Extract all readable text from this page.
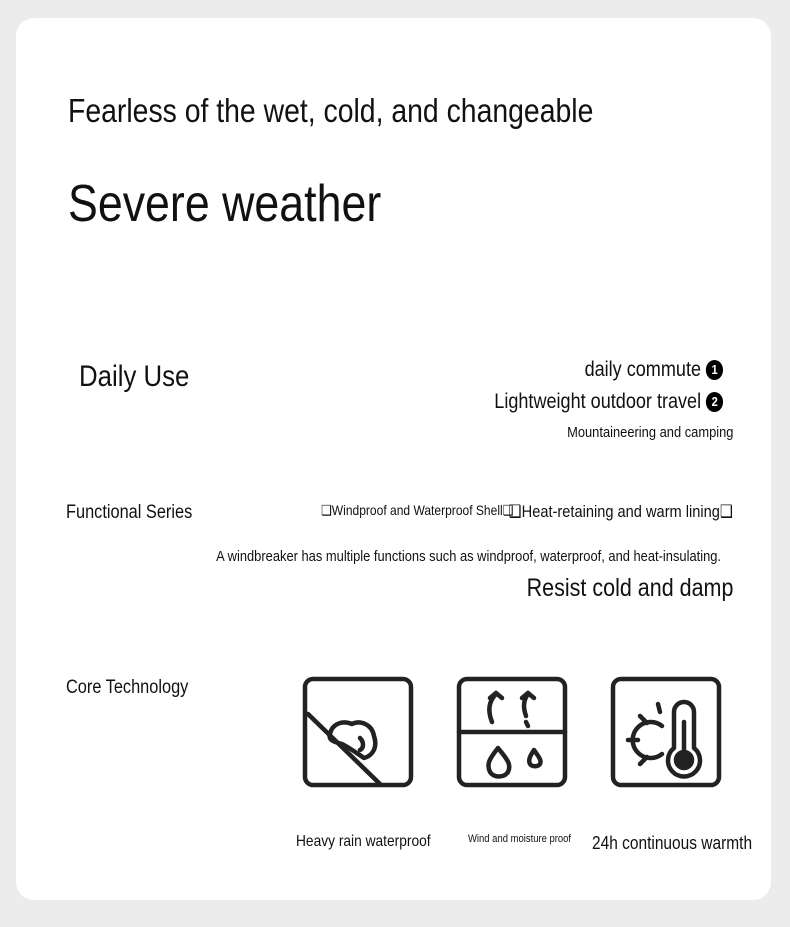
Fearless of the wet, cold, and changeable
Severe weather
Daily Use	daily commute 1
Lightweight outdoor travel 2
Mountaineering and camping
Functional Series	❑Windproof and Waterproof Shell❑
❑Heat-retaining and warm lining❑
A windbreaker has multiple functions such as windproof, waterproof, and heat-insulating.
Resist cold and damp
Core Technology
Heavy rain waterproof	Wind and moisture proof 24h continuous warmth
